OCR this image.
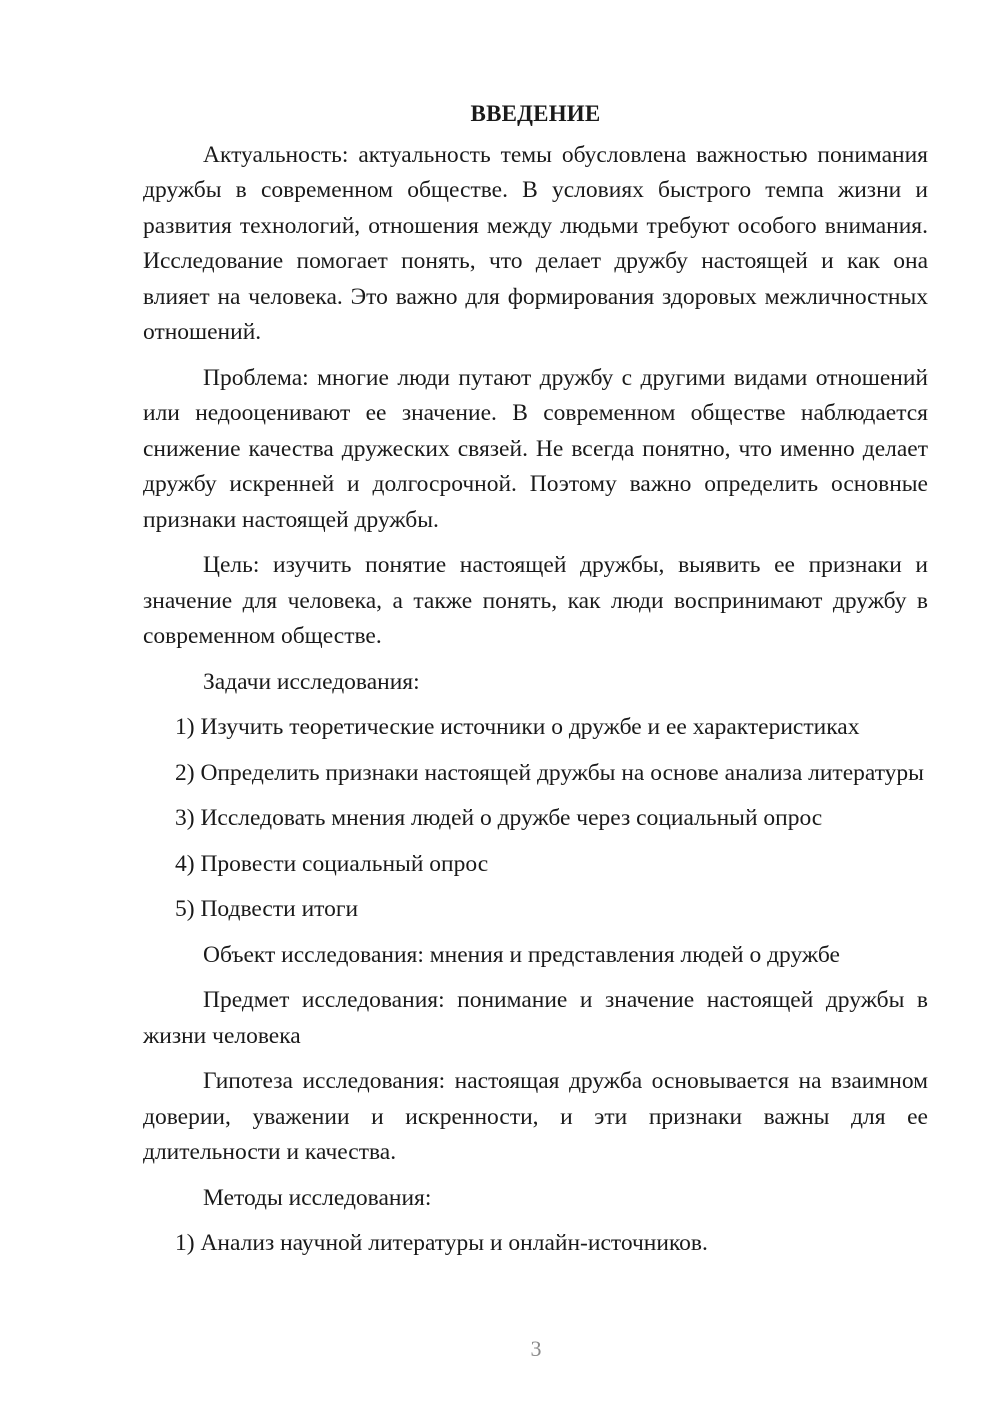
ВВЕДЕНИЕ

Актуальность: актуальность темы обусловлена важностью понимания дружбы в современном обществе. В условиях быстрого темпа жизни и развития технологий, отношения между людьми требуют особого внимания. Исследование помогает понять, что делает дружбу настоящей и как она влияет на человека. Это важно для формирования здоровых межличностных отношений.

Проблема: многие люди путают дружбу с другими видами отношений или недооценивают ее значение. В современном обществе наблюдается снижение качества дружеских связей. Не всегда понятно, что именно делает дружбу искренней и долгосрочной. Поэтому важно определить основные признаки настоящей дружбы.

Цель: изучить понятие настоящей дружбы, выявить ее признаки и значение для человека, а также понять, как люди воспринимают дружбу в современном обществе.

Задачи исследования:

1) Изучить теоретические источники о дружбе и ее характеристиках

2) Определить признаки настоящей дружбы на основе анализа литературы

3) Исследовать мнения людей о дружбе через социальный опрос

4) Провести социальный опрос

5) Подвести итоги

Объект исследования: мнения и представления людей о дружбе

Предмет исследования: понимание и значение настоящей дружбы в жизни человека

Гипотеза исследования: настоящая дружба основывается на взаимном доверии, уважении и искренности, и эти признаки важны для ее длительности и качества.

Методы исследования:

1) Анализ научной литературы и онлайн-источников.

3
